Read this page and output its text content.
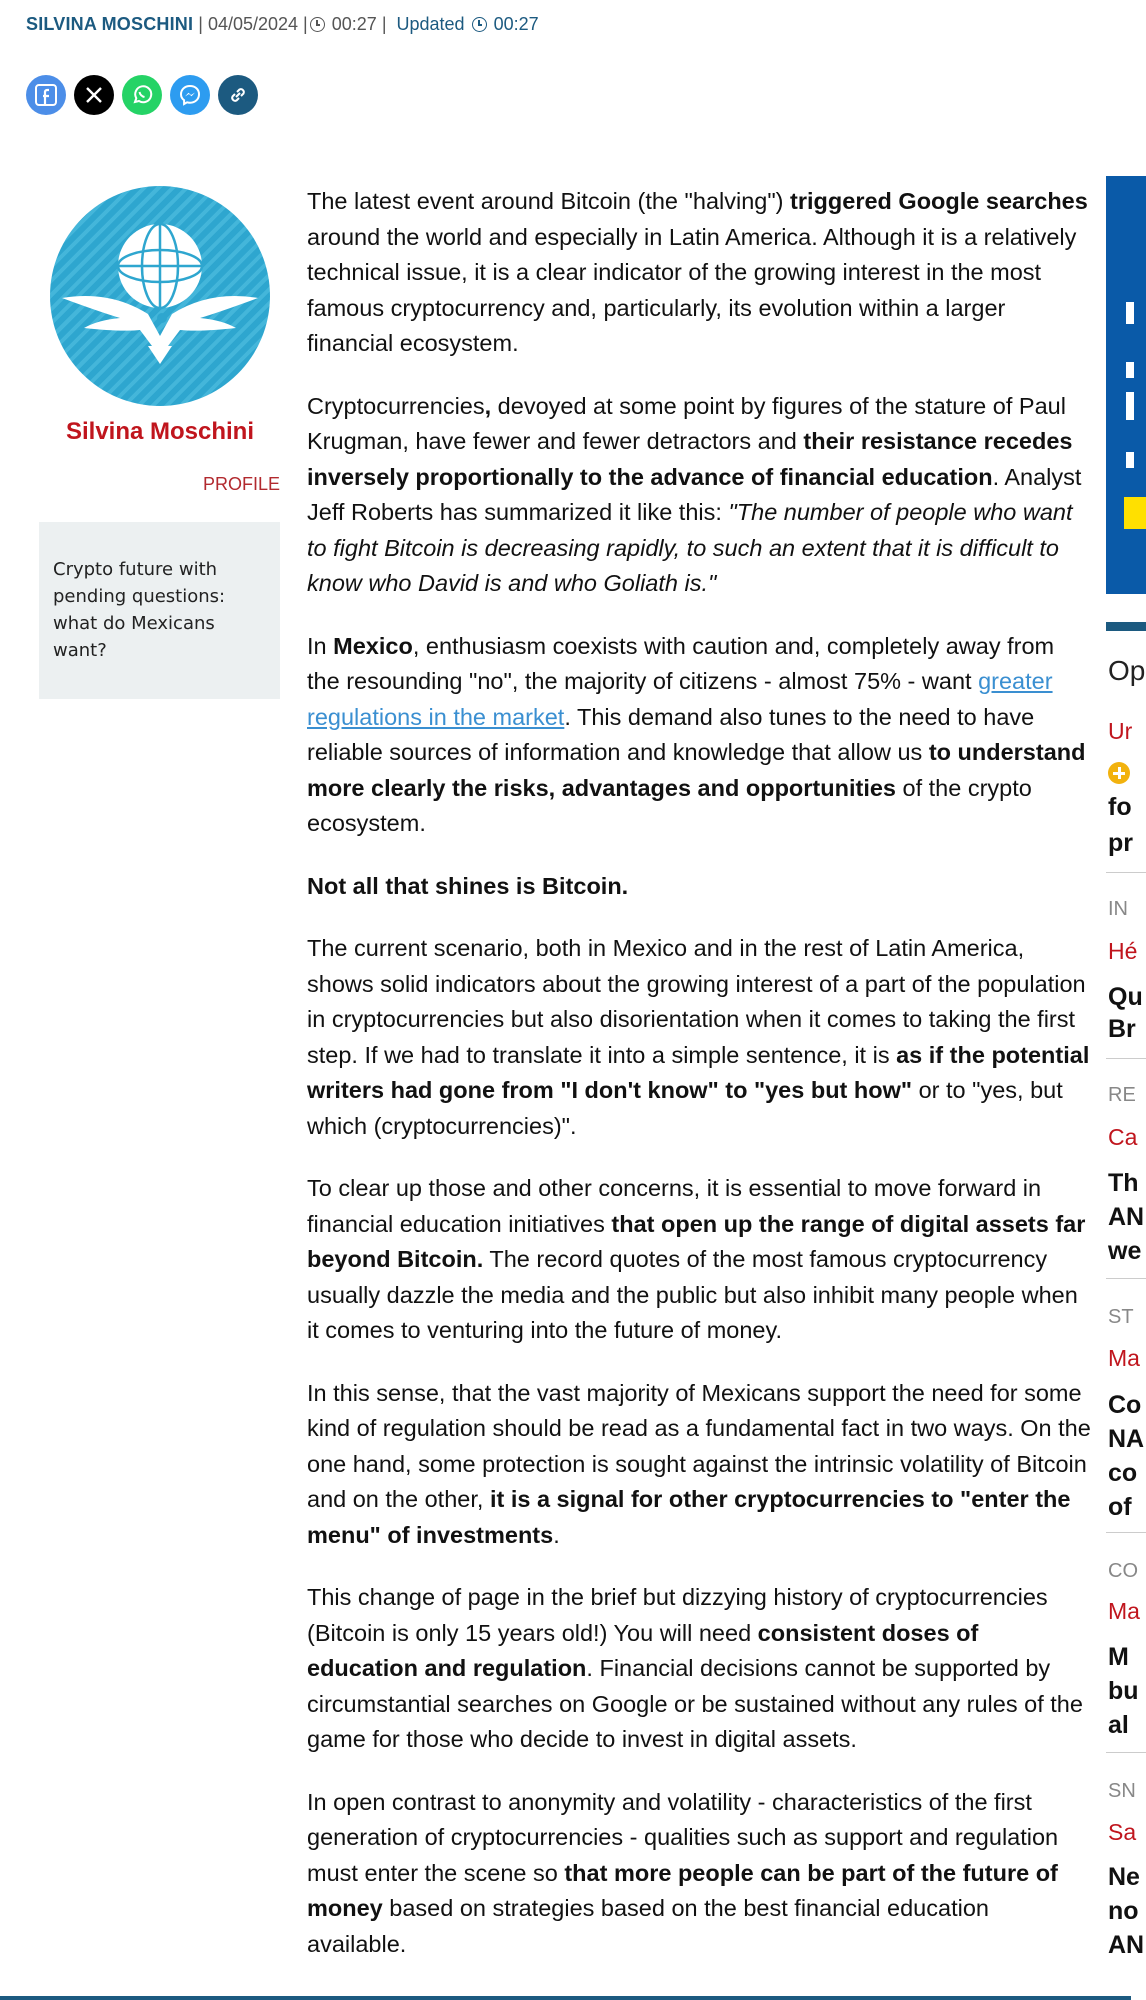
SILVINA MOSCHINI | 04/05/2024 | 00:27 | Updated 00:27
Silvina Moschini
PROFILE
Crypto future with pending questions: what do Mexicans want?

The latest event around Bitcoin (the "halving") triggered Google searches around the world and especially in Latin America. Although it is a relatively technical issue, it is a clear indicator of the growing interest in the most famous cryptocurrency and, particularly, its evolution within a larger financial ecosystem.

Cryptocurrencies, devoyed at some point by figures of the stature of Paul Krugman, have fewer and fewer detractors and their resistance recedes inversely proportionally to the advance of financial education. Analyst Jeff Roberts has summarized it like this: "The number of people who want to fight Bitcoin is decreasing rapidly, to such an extent that it is difficult to know who David is and who Goliath is."

In Mexico, enthusiasm coexists with caution and, completely away from the resounding "no", the majority of citizens - almost 75% - want greater regulations in the market. This demand also tunes to the need to have reliable sources of information and knowledge that allow us to understand more clearly the risks, advantages and opportunities of the crypto ecosystem.

Not all that shines is Bitcoin.

The current scenario, both in Mexico and in the rest of Latin America, shows solid indicators about the growing interest of a part of the population in cryptocurrencies but also disorientation when it comes to taking the first step. If we had to translate it into a simple sentence, it is as if the potential writers had gone from "I don't know" to "yes but how" or to "yes, but which (cryptocurrencies)".

To clear up those and other concerns, it is essential to move forward in financial education initiatives that open up the range of digital assets far beyond Bitcoin. The record quotes of the most famous cryptocurrency usually dazzle the media and the public but also inhibit many people when it comes to venturing into the future of money.

In this sense, that the vast majority of Mexicans support the need for some kind of regulation should be read as a fundamental fact in two ways. On the one hand, some protection is sought against the intrinsic volatility of Bitcoin and on the other, it is a signal for other cryptocurrencies to "enter the menu" of investments.

This change of page in the brief but dizzying history of cryptocurrencies (Bitcoin is only 15 years old!) You will need consistent doses of education and regulation. Financial decisions cannot be supported by circumstantial searches on Google or be sustained without any rules of the game for those who decide to invest in digital assets.

In open contrast to anonymity and volatility - characteristics of the first generation of cryptocurrencies - qualities such as support and regulation must enter the scene so that more people can be part of the future of money based on strategies based on the best financial education available.

Op
Ur
fo
pr
IN
Hé
Qu
Br
RE
Ca
Th
AN
we
ST
Ma
Co
NA
co
of
CO
Ma
M
bu
al
SN
Sa
Ne
no
AN
